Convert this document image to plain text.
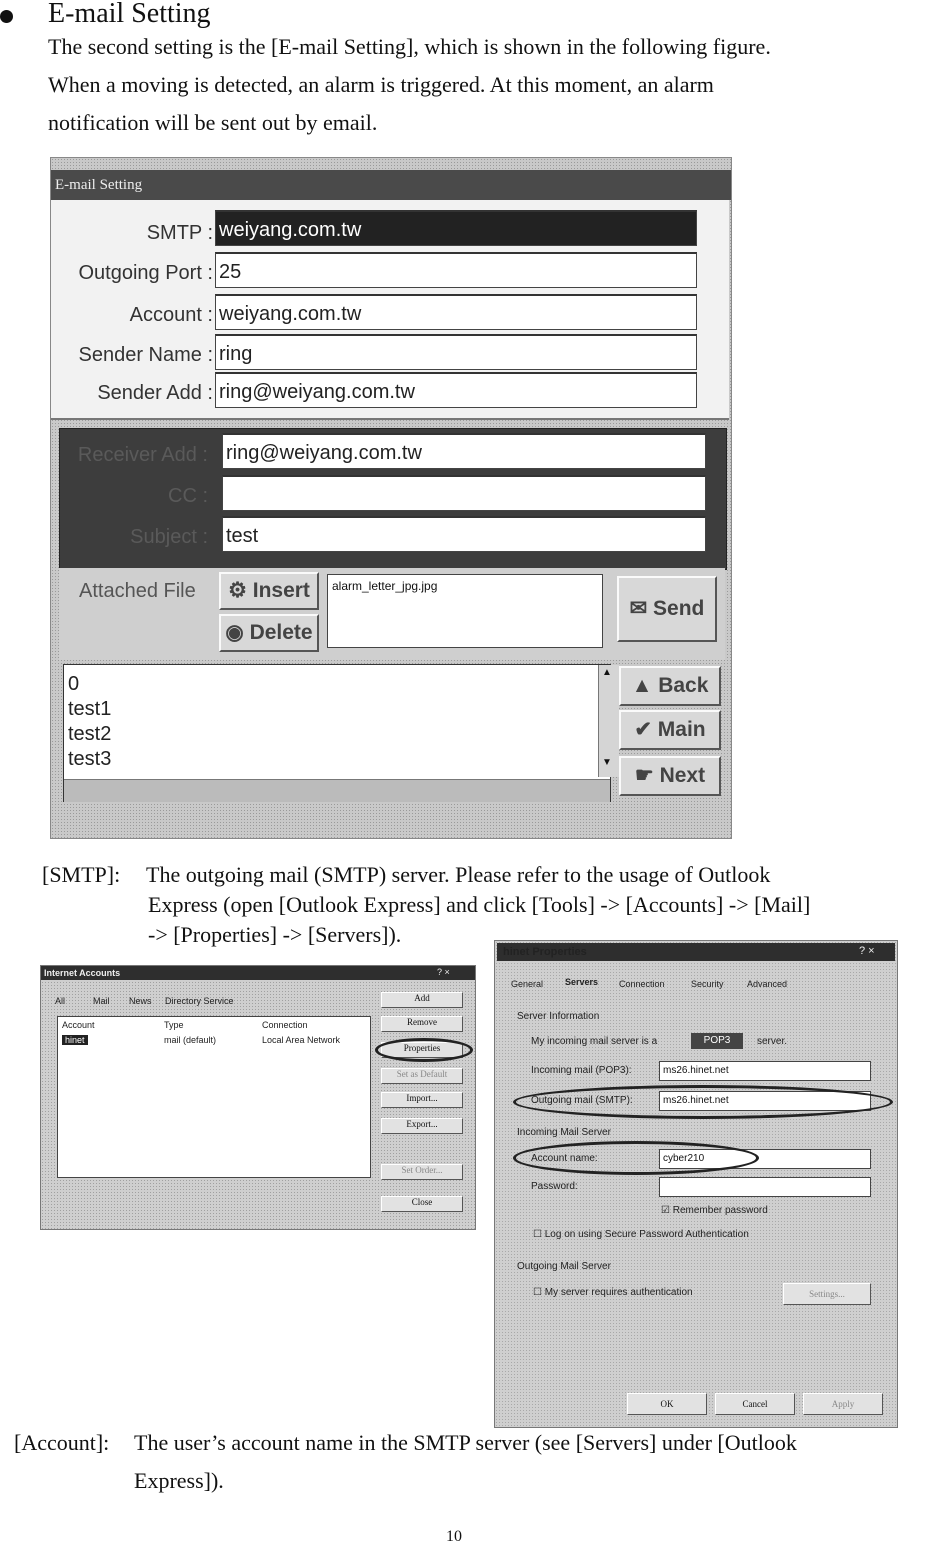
E-mail Setting
The second setting is the [E-mail Setting], which is shown in the following figure.
When a moving is detected, an alarm is triggered. At this moment, an alarm
notification will be sent out by email.
E-mail Setting
SMTP : weiyang.com.tw
Outgoing Port : 25
Account : weiyang.com.tw
Sender Name : ring
Sender Add : ring@weiyang.com.tw
Receiver Add : ring@weiyang.com.tw
CC :
Subject : test
Attached File	⚙ Insert
◉ Delete
alarm_letter_jpg.jpg
✉ Send
0
test1
test2
test3
▲
▼
▲ Back
✔ Main
☛ Next
[SMTP]: The outgoing mail (SMTP) server. Please refer to the usage of Outlook
Express (open [Outlook Express] and click [Tools] -> [Accounts] -> [Mail]
-> [Properties] -> [Servers]).
Internet Accounts	? ×
All	Mail News Directory Service
Account	Type	Connection
hinet	mail (default)	Local Area Network
Add
Remove
Properties
Set as Default
Import...
Export...
Set Order...
Close
hinet Properties	? ×
General Servers Connection	Security	Advanced
Server Information
My incoming mail server is a	POP3	server.
Incoming mail (POP3):	ms26.hinet.net
Outgoing mail (SMTP):	ms26.hinet.net
Incoming Mail Server
Account name:	cyber210
Password:
☑ Remember password
☐ Log on using Secure Password Authentication
Outgoing Mail Server
☐ My server requires authentication	Settings...
OK	Cancel	Apply
[Account]: The user’s account name in the SMTP server (see [Servers] under [Outlook
Express]).
10
